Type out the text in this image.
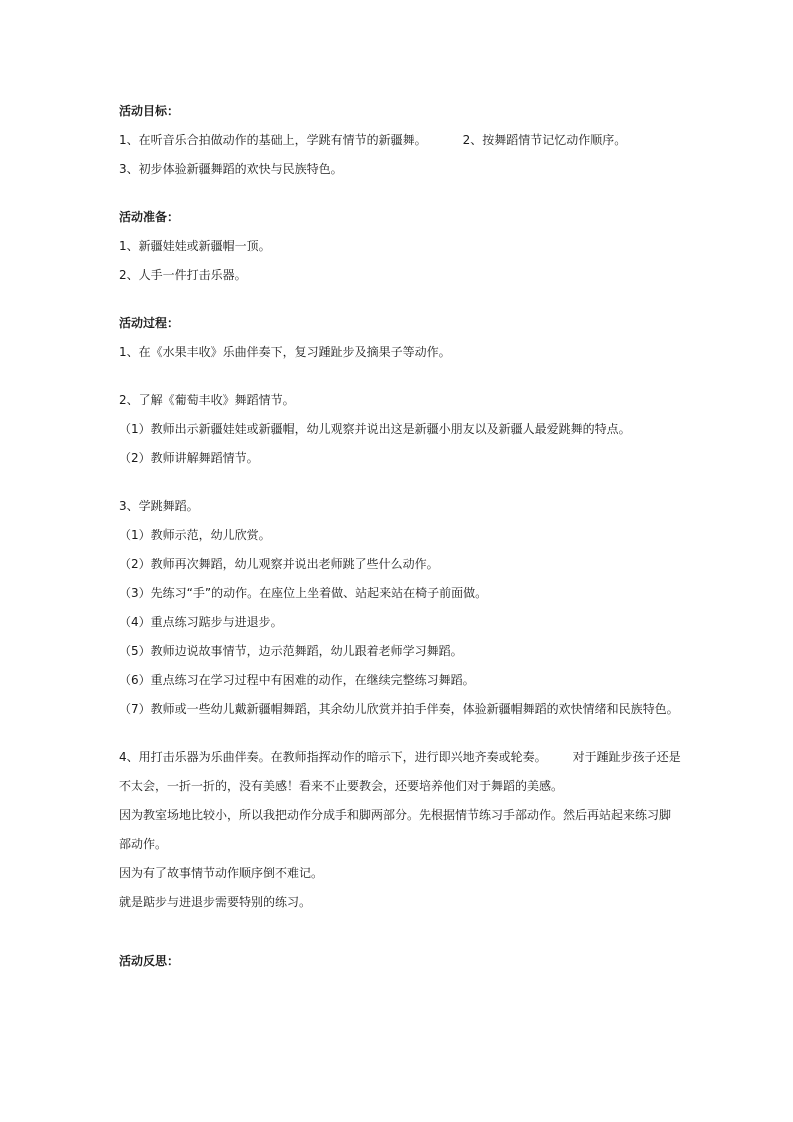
活动目标：
1、在听音乐合拍做动作的基础上，学跳有情节的新疆舞。	2、按舞蹈情节记忆动作顺序。
3、初步体验新疆舞蹈的欢快与民族特色。
活动准备：
1、新疆娃娃或新疆帽一顶。
2、人手一件打击乐器。
活动过程：
1、在《水果丰收》乐曲伴奏下，复习踵趾步及摘果子等动作。
2、了解《葡萄丰收》舞蹈情节。
（1）教师出示新疆娃娃或新疆帽，幼儿观察并说出这是新疆小朋友以及新疆人最爱跳舞的特点。
（2）教师讲解舞蹈情节。
3、学跳舞蹈。
（1）教师示范，幼儿欣赏。
（2）教师再次舞蹈，幼儿观察并说出老师跳了些什么动作。
（3）先练习“手”的动作。在座位上坐着做、站起来站在椅子前面做。
（4）重点练习踮步与进退步。
（5）教师边说故事情节，边示范舞蹈，幼儿跟着老师学习舞蹈。
（6）重点练习在学习过程中有困难的动作，在继续完整练习舞蹈。
（7）教师或一些幼儿戴新疆帽舞蹈，其余幼儿欣赏并拍手伴奏，体验新疆帽舞蹈的欢快情绪和民族特色。
4、用打击乐器为乐曲伴奏。在教师指挥动作的暗示下，进行即兴地齐奏或轮奏。 对于踵趾步孩子还是
不太会，一折一折的，没有美感！看来不止要教会，还要培养他们对于舞蹈的美感。
因为教室场地比较小，所以我把动作分成手和脚两部分。先根据情节练习手部动作。然后再站起来练习脚
部动作。
因为有了故事情节动作顺序倒不难记。
就是踮步与进退步需要特别的练习。
活动反思：
